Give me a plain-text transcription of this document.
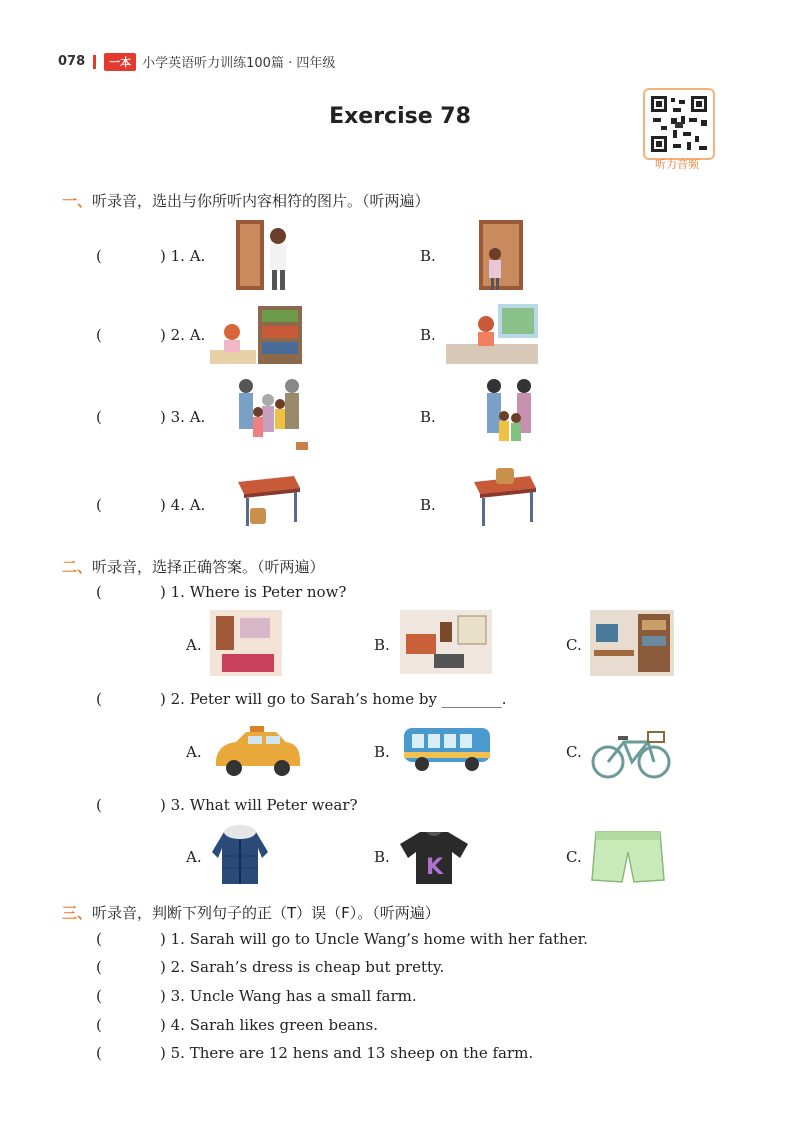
078	一本 小学英语听力训练100篇 · 四年级
Exercise 78
听力音频
一、听录音，选出与你所听内容相符的图片。（听两遍）
(	) 1. A.	B.
(	) 2. A.	B.
(	) 3. A.	B.
(	) 4. A.	B.
二、听录音，选择正确答案。（听两遍）
(	) 1. Where is Peter now?
A.	B.	C.
(	) 2. Peter will go to Sarah’s home by ________.
A.	B.	C.
(	) 3. What will Peter wear?
A.	B.	C.
K
三、听录音，判断下列句子的正（T）误（F）。（听两遍）
(	) 1. Sarah will go to Uncle Wang’s home with her father.
(	) 2. Sarah’s dress is cheap but pretty.
(	) 3. Uncle Wang has a small farm.
(	) 4. Sarah likes green beans.
(	) 5. There are 12 hens and 13 sheep on the farm.
